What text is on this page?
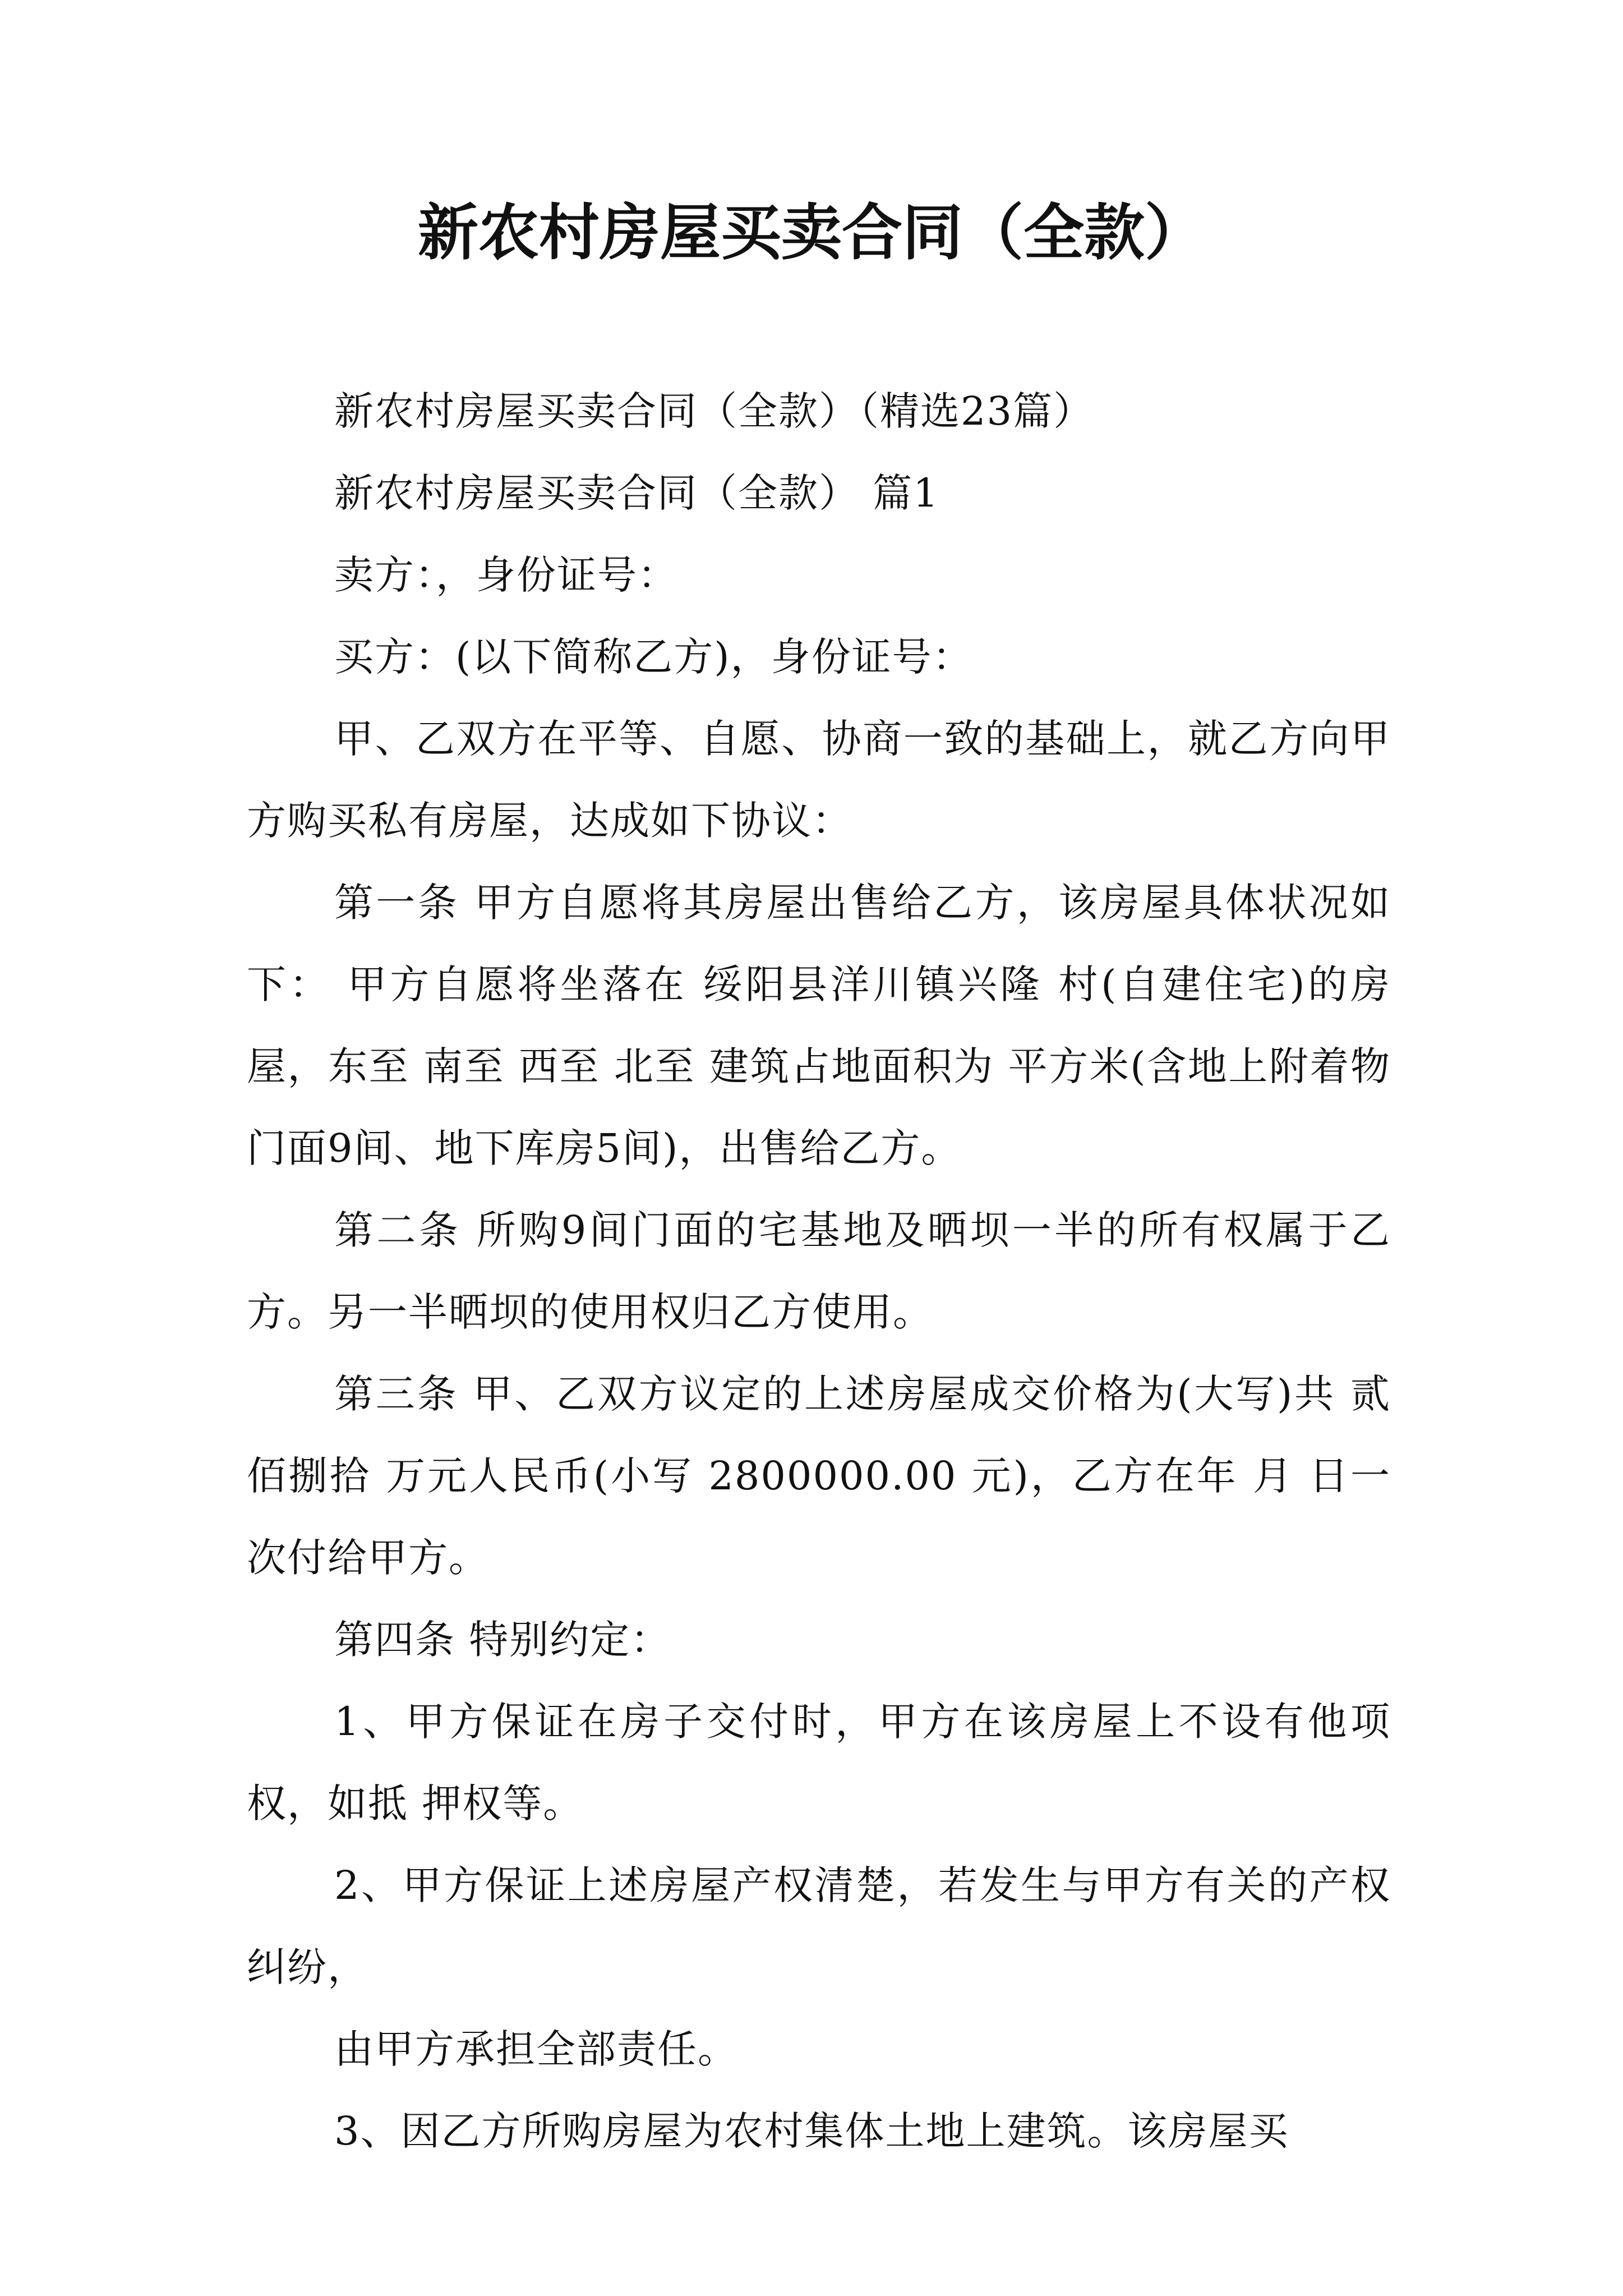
新农村房屋买卖合同（全款）

新农村房屋买卖合同（全款）（精选23篇）

新农村房屋买卖合同（全款） 篇1

卖方：，身份证号：

买方：(以下简称乙方)，身份证号：

甲、乙双方在平等、自愿、协商一致的基础上，就乙方向甲方购买私有房屋，达成如下协议：

第一条 甲方自愿将其房屋出售给乙方，该房屋具体状况如下： 甲方自愿将坐落在 绥阳县洋川镇兴隆 村(自建住宅)的房屋，东至 南至 西至 北至 建筑占地面积为 平方米(含地上附着物门面9间、地下库房5间)，出售给乙方。

第二条 所购9间门面的宅基地及晒坝一半的所有权属于乙方。另一半晒坝的使用权归乙方使用。

第三条 甲、乙双方议定的上述房屋成交价格为(大写)共 贰佰捌拾 万元人民币(小写 2800000.00 元)，乙方在年 月 日一次付给甲方。

第四条 特别约定：

1、甲方保证在房子交付时，甲方在该房屋上不设有他项权，如抵 押权等。

2、甲方保证上述房屋产权清楚，若发生与甲方有关的产权纠纷，

由甲方承担全部责任。

3、因乙方所购房屋为农村集体土地上建筑。该房屋买
